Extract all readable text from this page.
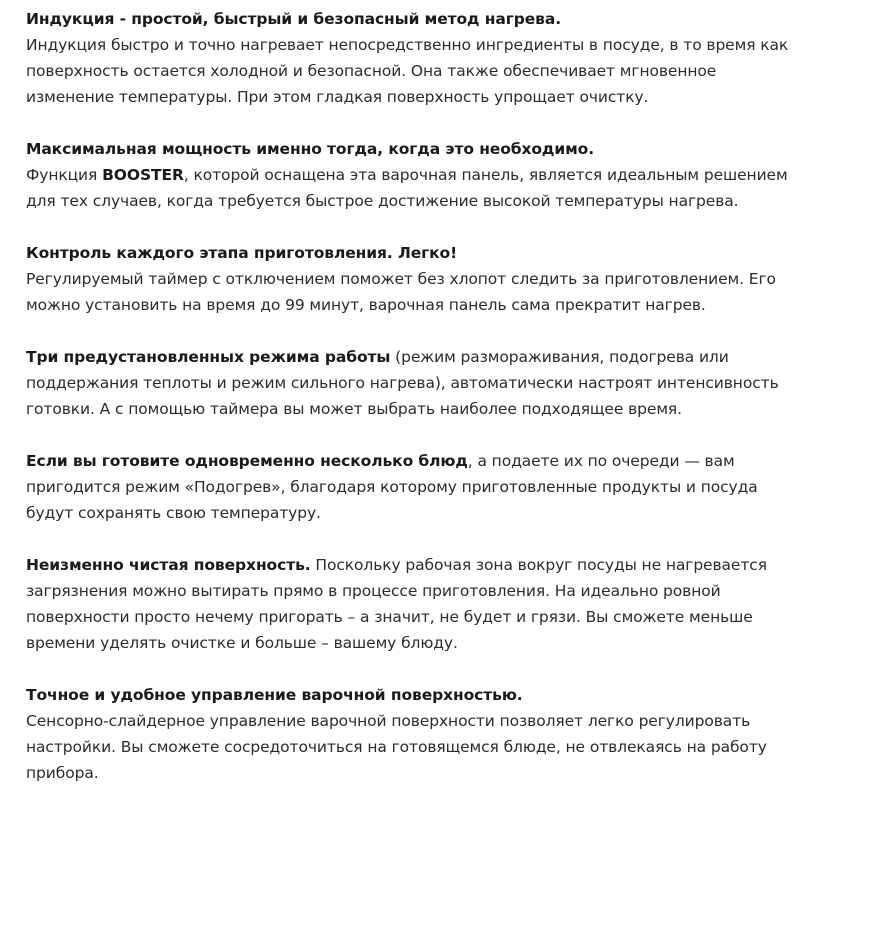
Индукция - простой, быстрый и безопасный метод нагрева.
Индукция быстро и точно нагревает непосредственно ингредиенты в посуде, в то время как
поверхность остается холодной и безопасной. Она также обеспечивает мгновенное
изменение температуры. При этом гладкая поверхность упрощает очистку.
Максимальная мощность именно тогда, когда это необходимо.
Функция BOOSTER, которой оснащена эта варочная панель, является идеальным решением
для тех случаев, когда требуется быстрое достижение высокой температуры нагрева.
Контроль каждого этапа приготовления. Легко!
Регулируемый таймер с отключением поможет без хлопот следить за приготовлением. Его
можно установить на время до 99 минут, варочная панель сама прекратит нагрев.
Три предустановленных режима работы (режим размораживания, подогрева или
поддержания теплоты и режим сильного нагрева), автоматически настроят интенсивность
готовки. А с помощью таймера вы может выбрать наиболее подходящее время.
Если вы готовите одновременно несколько блюд, а подаете их по очереди — вам
пригодится режим «Подогрев», благодаря которому приготовленные продукты и посуда
будут сохранять свою температуру.
Неизменно чистая поверхность. Поскольку рабочая зона вокруг посуды не нагревается
загрязнения можно вытирать прямо в процессе приготовления. На идеально ровной
поверхности просто нечему пригорать – а значит, не будет и грязи. Вы сможете меньше
времени уделять очистке и больше – вашему блюду.
Точное и удобное управление варочной поверхностью.
Сенсорно-слайдерное управление варочной поверхности позволяет легко регулировать
настройки. Вы сможете сосредоточиться на готовящемся блюде, не отвлекаясь на работу
прибора.
